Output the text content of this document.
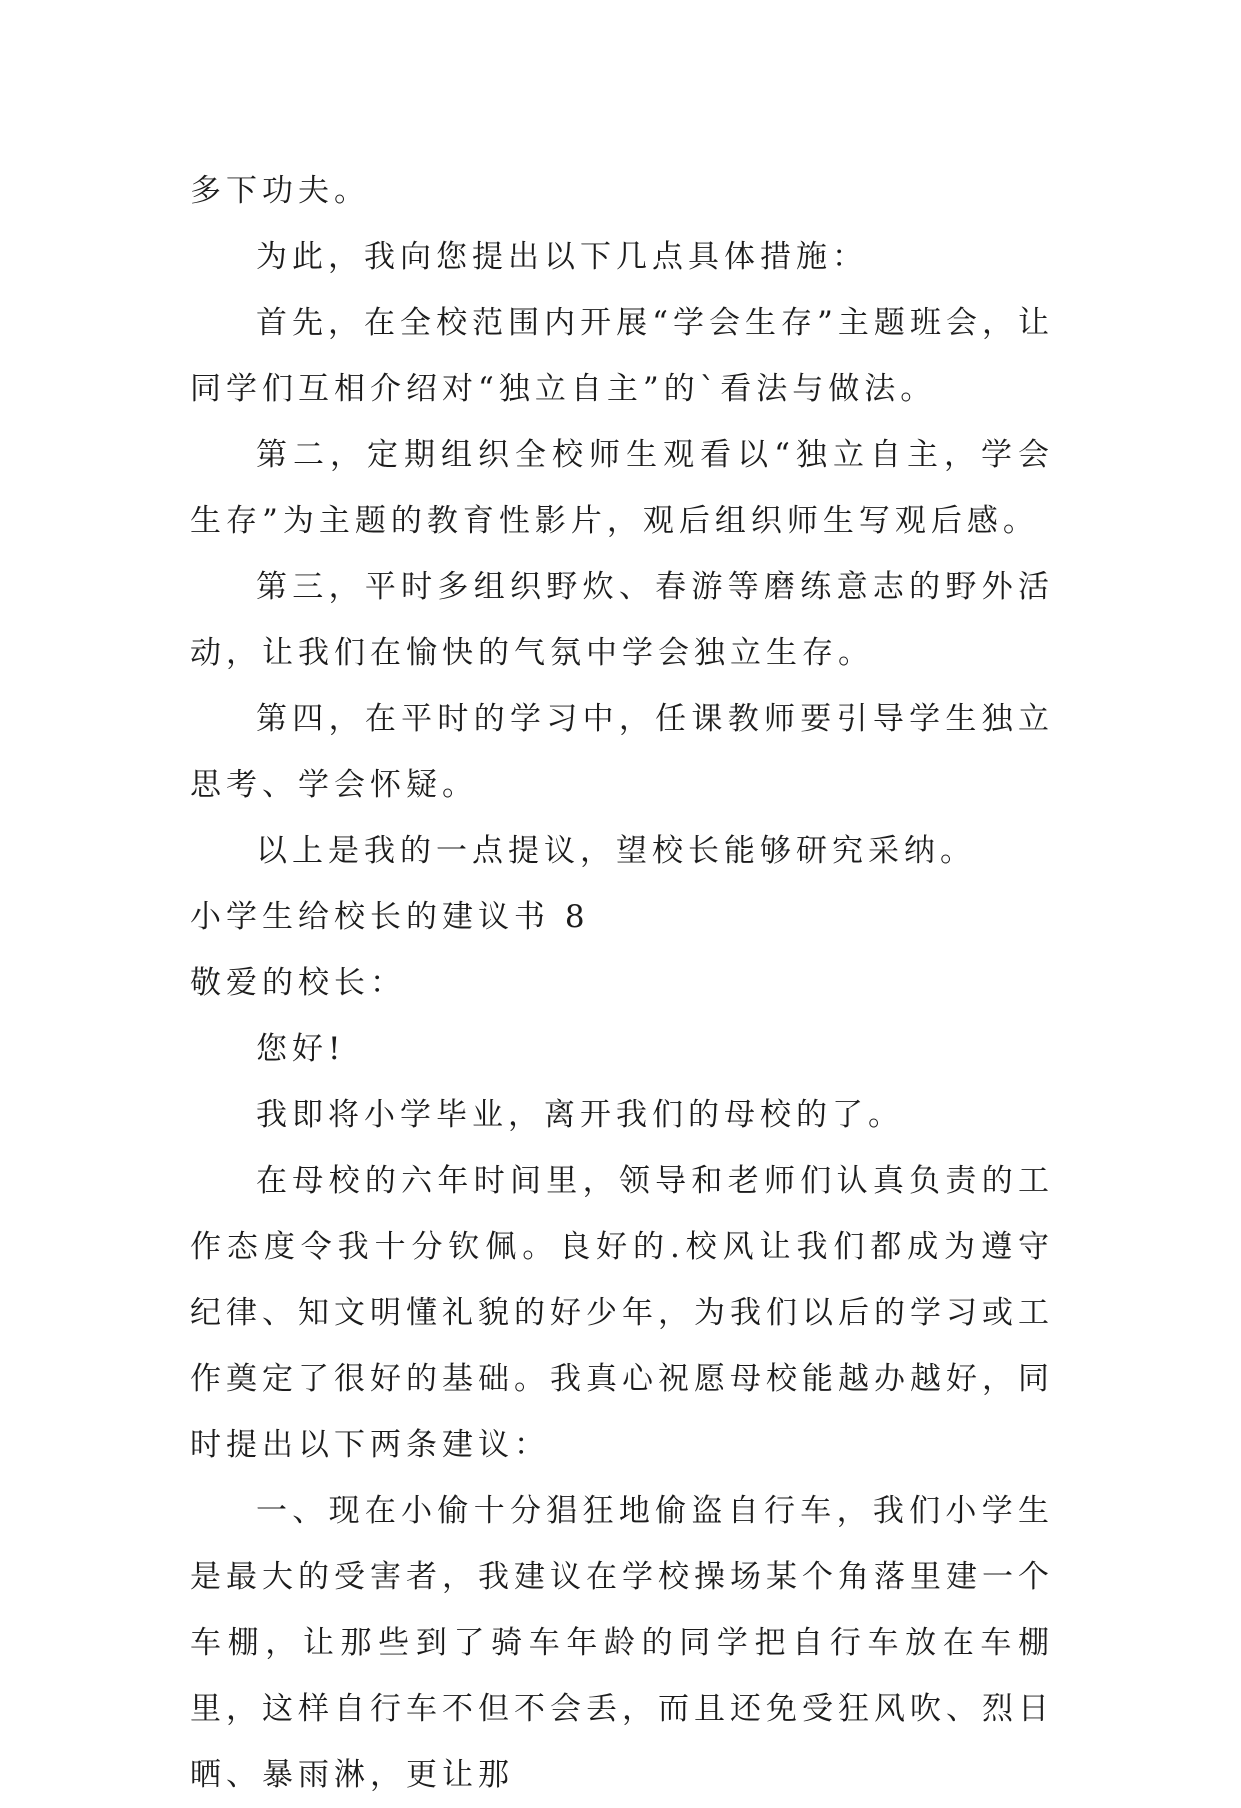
多下功夫。

为此，我向您提出以下几点具体措施：

首先，在全校范围内开展“学会生存”主题班会，让同学们互相介绍对“独立自主”的`看法与做法。

第二，定期组织全校师生观看以“独立自主，学会生存”为主题的教育性影片，观后组织师生写观后感。

第三，平时多组织野炊、春游等磨练意志的野外活动，让我们在愉快的气氛中学会独立生存。

第四，在平时的学习中，任课教师要引导学生独立思考、学会怀疑。

以上是我的一点提议，望校长能够研究采纳。

小学生给校长的建议书 8

敬爱的校长：

您好!

我即将小学毕业，离开我们的母校的了。

在母校的六年时间里，领导和老师们认真负责的工作态度令我十分钦佩。良好的.校风让我们都成为遵守纪律、知文明懂礼貌的好少年，为我们以后的学习或工作奠定了很好的基础。我真心祝愿母校能越办越好，同时提出以下两条建议：

一、现在小偷十分猖狂地偷盗自行车，我们小学生是最大的受害者，我建议在学校操场某个角落里建一个车棚，让那些到了骑车年龄的同学把自行车放在车棚里，这样自行车不但不会丢，而且还免受狂风吹、烈日晒、暴雨淋，更让那
